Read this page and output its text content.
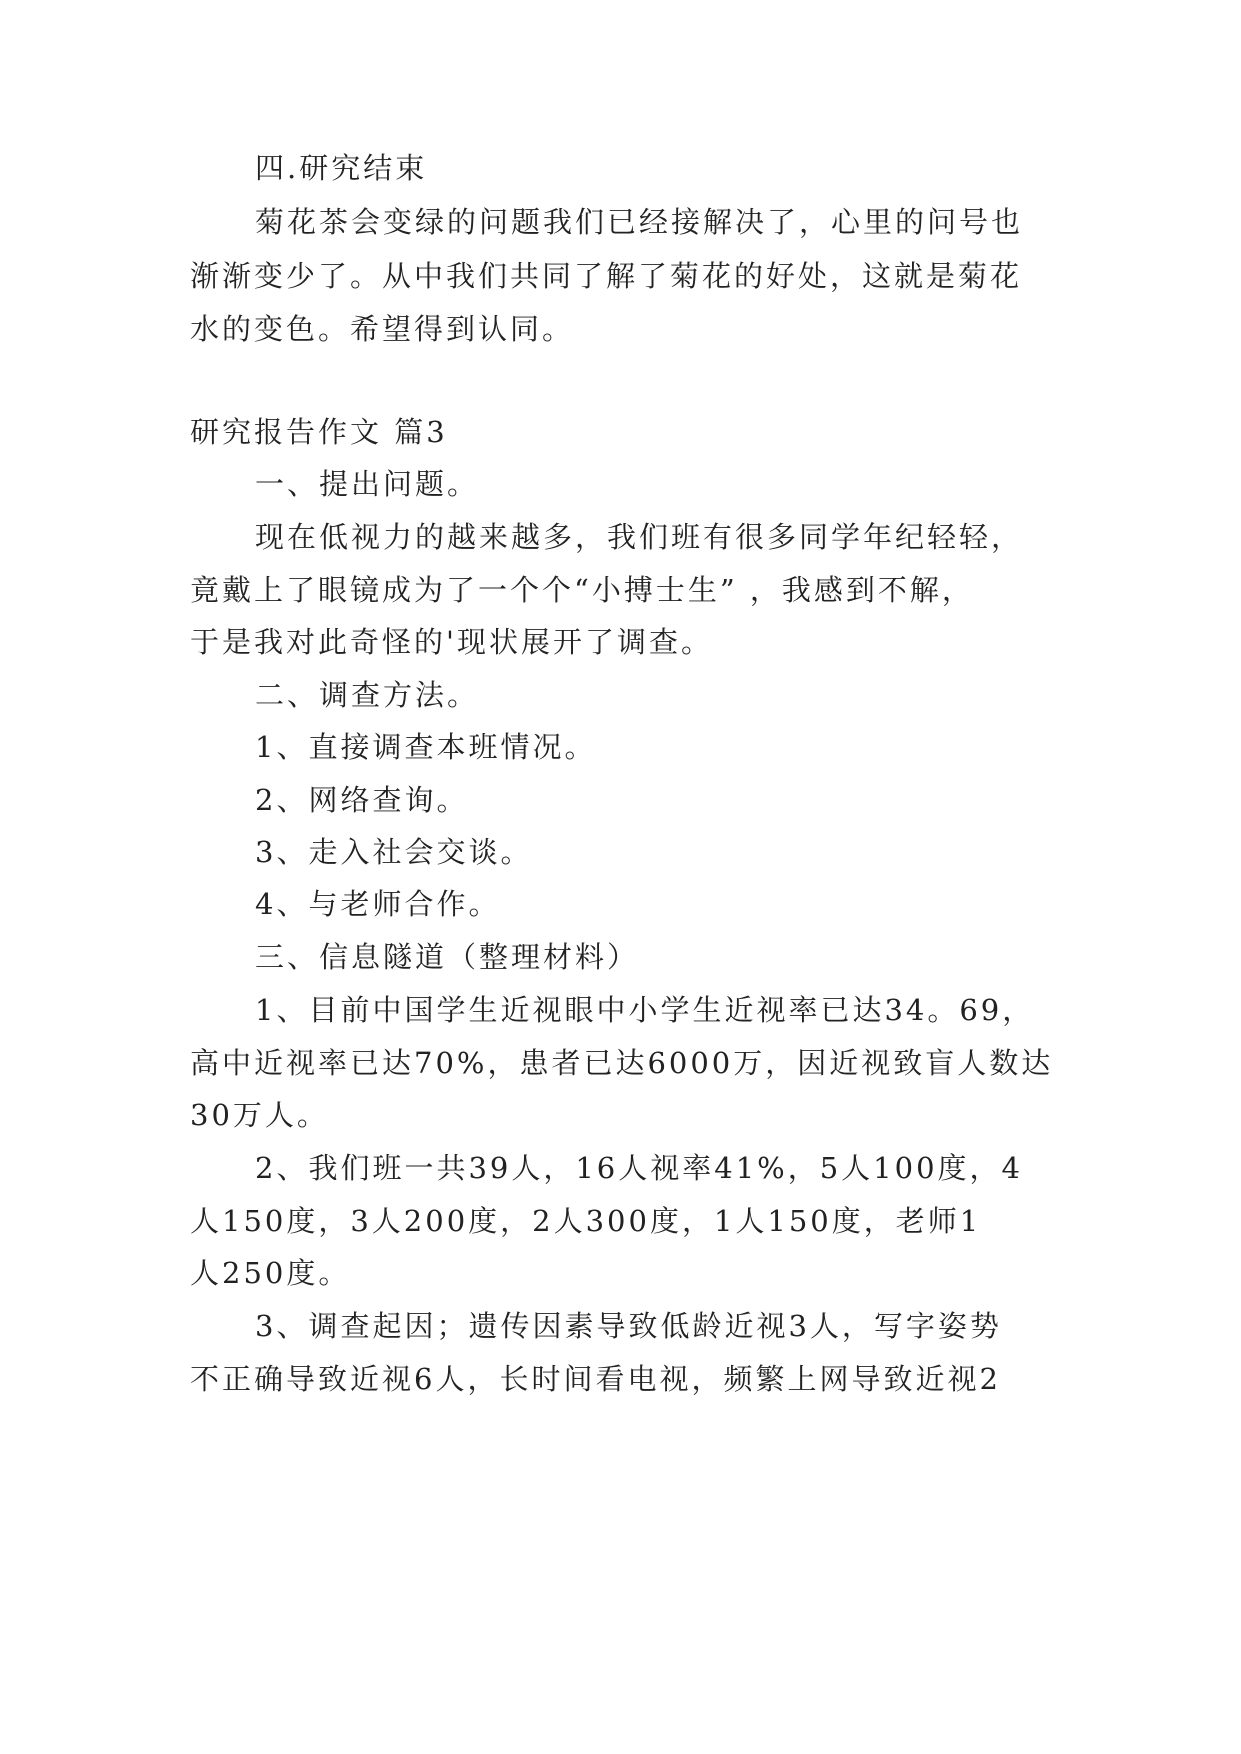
四.研究结束

菊花茶会变绿的问题我们已经接解决了，心里的问号也

渐渐变少了。从中我们共同了解了菊花的好处，这就是菊花

水的变色。希望得到认同。

研究报告作文 篇3

一、提出问题。

现在低视力的越来越多，我们班有很多同学年纪轻轻，

竟戴上了眼镜成为了一个个“小搏士生” ，我感到不解，

于是我对此奇怪的'现状展开了调查。

二、调查方法。

1、直接调查本班情况。

2、网络查询。

3、走入社会交谈。

4、与老师合作。

三、信息隧道（整理材料）

1、目前中国学生近视眼中小学生近视率已达34。69，

高中近视率已达70%，患者已达6000万，因近视致盲人数达

30万人。

2、我们班一共39人，16人视率41%，5人100度，4

人150度，3人200度，2人300度，1人150度，老师1

人250度。

3、调查起因；遗传因素导致低龄近视3人，写字姿势

不正确导致近视6人，长时间看电视，频繁上网导致近视2
